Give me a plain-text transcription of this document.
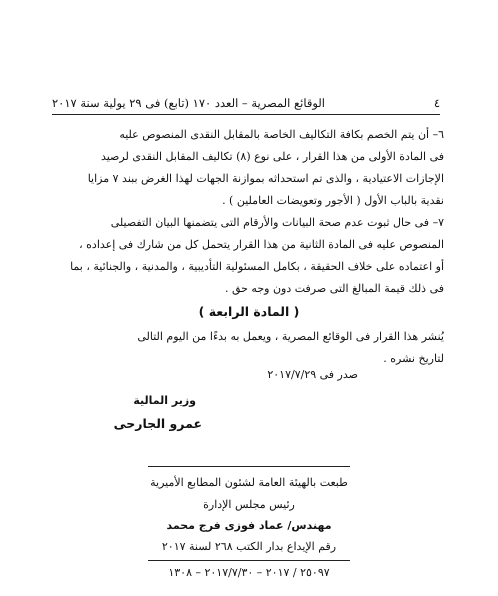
الوقائع المصرية – العدد ١٧٠ (تابع) فى ٢٩ يولية سنة ٢٠١٧	٤
٦– أن يتم الخصم بكافة التكاليف الخاصة بالمقابل النقدى المنصوص عليه
فى المادة الأولى من هذا القرار ، على نوع (٨) تكاليف المقابل النقدى لرصيد
الإجازات الاعتيادية ، والذى تم استحداثه بموازنة الجهات لهذا الغرض ببند ٧ مزايا
نقدية بالباب الأول ( الأجور وتعويضات العاملين ) .
٧– فى حال ثبوت عدم صحة البيانات والأرقام التى يتضمنها البيان التفصيلى
المنصوص عليه فى المادة الثانية من هذا القرار يتحمل كل من شارك فى إعداده ،
أو اعتماده على خلاف الحقيقة ، بكامل المسئولية التأديبية ، والمدنية ، والجنائية ، بما
فى ذلك قيمة المبالغ التى صرفت دون وجه حق .
( المادة الرابعة )
يُنشر هذا القرار فى الوقائع المصرية ، ويعمل به بدءًا من اليوم التالى
لتاريخ نشره .
صدر فى ٢٠١٧/٧/٢٩
وزير المالية
عمرو الجارحى
طبعت بالهيئة العامة لشئون المطابع الأميرية
رئيس مجلس الإدارة
مهندس/ عماد فوزى فرج محمد
رقم الإيداع بدار الكتب ٢٦٨ لسنة ٢٠١٧
٢٥٠٩٧ / ٢٠١٧ – ٢٠١٧/٧/٣٠ – ١٣٠٨
